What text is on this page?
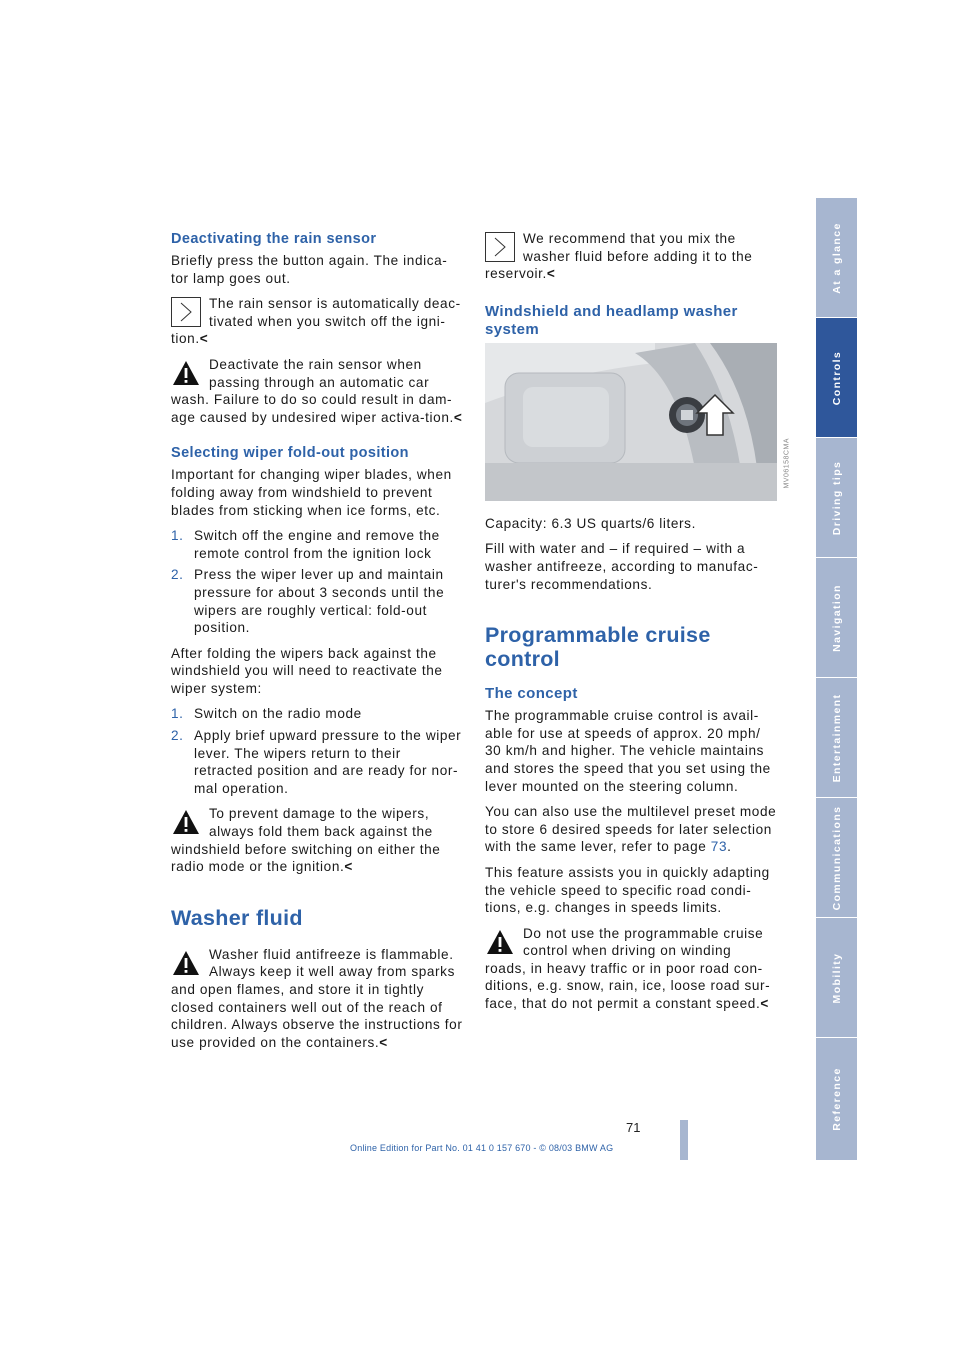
Deactivating the rain sensor

Briefly press the button again. The indica-tor lamp goes out.

The rain sensor is automatically deac-tivated when you switch off the igni-tion.<
Deactivate the rain sensor when passing through an automatic car wash. Failure to do so could result in dam-age caused by undesired wiper activa-tion.<
Selecting wiper fold-out position

Important for changing wiper blades, when folding away from windshield to prevent blades from sticking when ice forms, etc.

1. Switch off the engine and remove the remote control from the ignition lock
2. Press the wiper lever up and maintain pressure for about 3 seconds until the wipers are roughly vertical: fold-out position.

After folding the wipers back against the windshield you will need to reactivate the wiper system:

1. Switch on the radio mode
2. Apply brief upward pressure to the wiper lever. The wipers return to their retracted position and are ready for nor-mal operation.
To prevent damage to the wipers, always fold them back against the windshield before switching on either the radio mode or the ignition.<
Washer fluid
Washer fluid antifreeze is flammable. Always keep it well away from sparks and open flames, and store it in tightly closed containers well out of the reach of children. Always observe the instructions for use provided on the containers.<
We recommend that you mix the washer fluid before adding it to the reservoir.<
Windshield and headlamp washer system
MV06158CMA

Capacity: 6.3 US quarts/6 liters.

Fill with water and – if required – with a washer antifreeze, according to manufac-turer's recommendations.

Programmable cruise control
The concept

The programmable cruise control is avail-able for use at speeds of approx. 20 mph/ 30 km/h and higher. The vehicle maintains and stores the speed that you set using the lever mounted on the steering column.

You can also use the multilevel preset mode to store 6 desired speeds for later selection with the same lever, refer to page 73.

This feature assists you in quickly adapting the vehicle speed to specific road condi-tions, e.g. changes in speeds limits.

Do not use the programmable cruise control when driving on winding roads, in heavy traffic or in poor road con-ditions, e.g. snow, rain, ice, loose road sur-face, that do not permit a constant speed.<
At a glance
Controls
Driving tips
Navigation
Entertainment
Communications
Mobility
Reference
71
Online Edition for Part No. 01 41 0 157 670 - © 08/03 BMW AG
